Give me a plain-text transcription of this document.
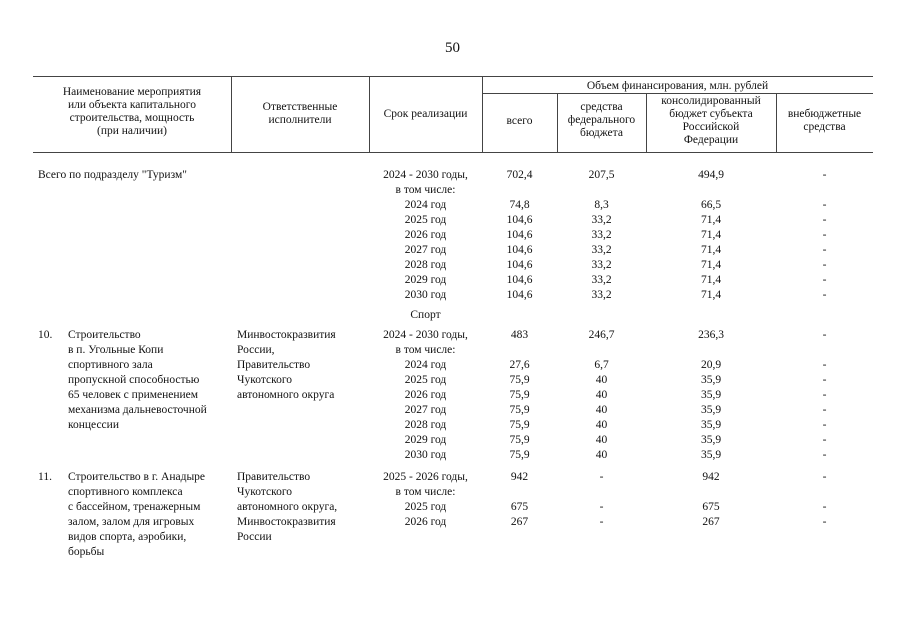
50
Наименование мероприятия
или объекта капитального
строительства, мощность
(при наличии)
Ответственные
исполнители	Срок реализации
Объем финансирования, млн. рублей
всего
средства
федерального
бюджета
консолидированный
бюджет субъекта
Российской
Федерации
внебюджетные
средства
Всего по подразделу "Туризм"	2024 - 2030 годы,
в том числе:
2024 год
2025 год
2026 год
2027 год
2028 год
2029 год
2030 год
702,4
74,8
104,6
104,6
104,6
104,6
104,6
104,6
207,5
8,3
33,2
33,2
33,2
33,2
33,2
33,2
494,9
66,5
71,4
71,4
71,4
71,4
71,4
71,4
-
-
-
-
-
-
-
-
Спорт
10. Строительство
в п. Угольные Копи
спортивного зала
пропускной способностью
65 человек с применением
механизма дальневосточной
концессии
Минвостокразвития
России,
Правительство
Чукотского
автономного округа
2024 - 2030 годы,
в том числе:
2024 год
2025 год
2026 год
2027 год
2028 год
2029 год
2030 год
483
27,6
75,9
75,9
75,9
75,9
75,9
75,9
246,7
6,7
40
40
40
40
40
40
236,3
20,9
35,9
35,9
35,9
35,9
35,9
35,9
-
-
-
-
-
-
-
-
11. Строительство в г. Анадыре
спортивного комплекса
с бассейном, тренажерным
залом, залом для игровых
видов спорта, аэробики,
борьбы
Правительство
Чукотского
автономного округа,
Минвостокразвития
России
2025 - 2026 годы,
в том числе:
2025 год
2026 год
942
675
267
-
-
-
942
675
267
-
-
-
